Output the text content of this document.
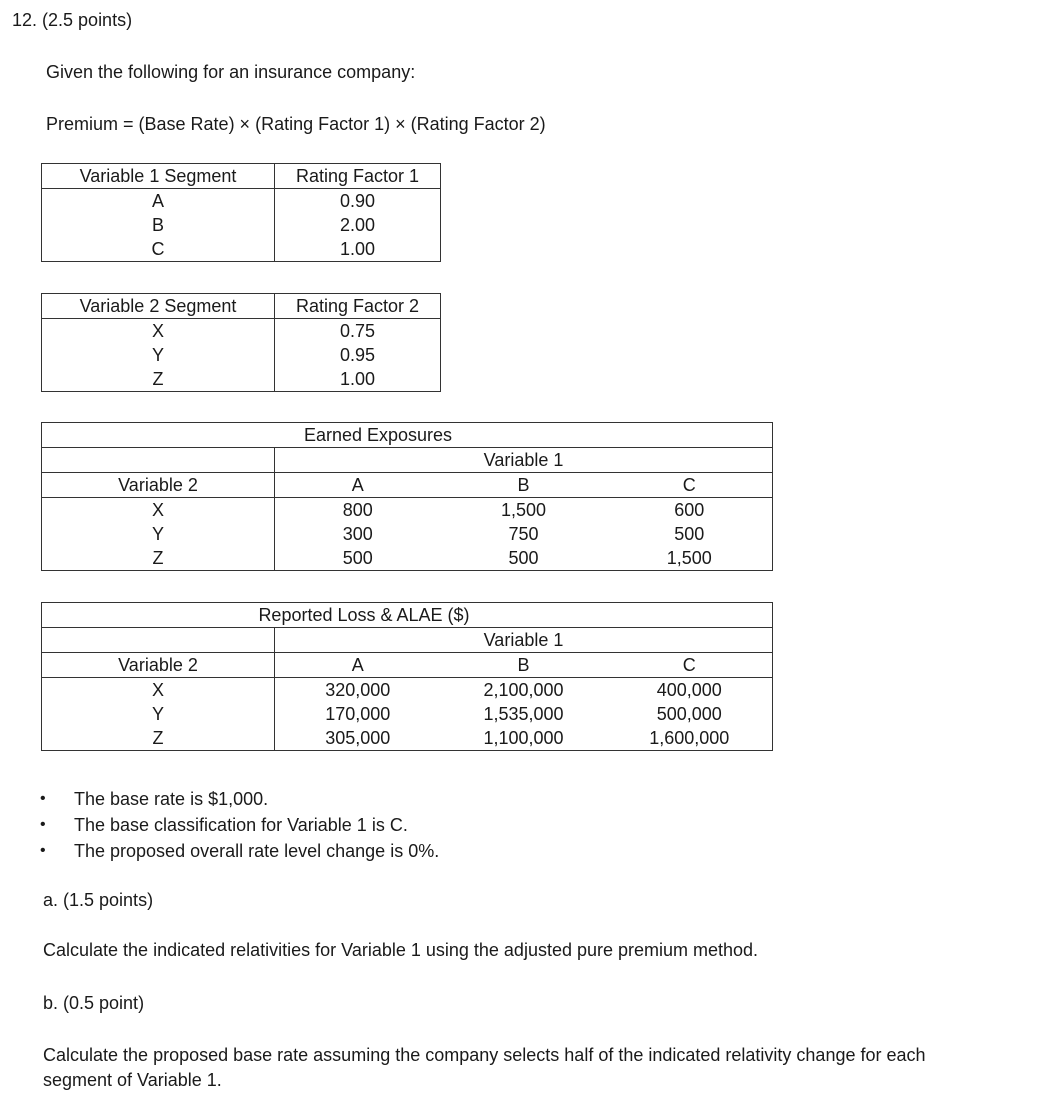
12. (2.5 points)
Given the following for an insurance company:
Premium = (Base Rate) × (Rating Factor 1) × (Rating Factor 2)
Variable 1 Segment	Rating Factor 1
A	0.90
B	2.00
C	1.00
Variable 2 Segment	Rating Factor 2
X	0.75
Y	0.95
Z	1.00
Earned Exposures			
	Variable 1		
Variable 2	A	B	C
X	800	1,500	600
Y	300	750	500
Z	500	500	1,500
Reported Loss & ALAE ($)			
	Variable 1		
Variable 2	A	B	C
X	320,000	2,100,000	400,000
Y	170,000	1,535,000	500,000
Z	305,000	1,100,000	1,600,000
• The base rate is $1,000.
• The base classification for Variable 1 is C.
• The proposed overall rate level change is 0%.
a. (1.5 points)
Calculate the indicated relativities for Variable 1 using the adjusted pure premium method.
b. (0.5 point)
Calculate the proposed base rate assuming the company selects half of the indicated relativity change for each
segment of Variable 1.
